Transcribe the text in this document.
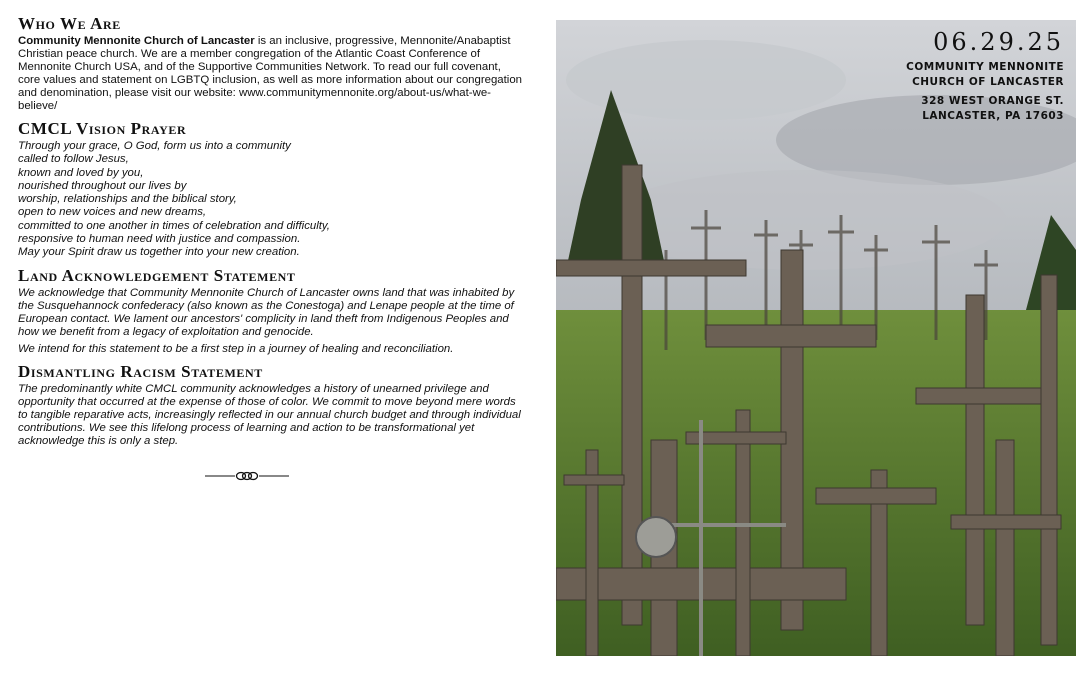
Who We Are

Community Mennonite Church of Lancaster is an inclusive, progressive, Mennonite/Anabaptist Christian peace church. We are a member congregation of the Atlantic Coast Conference of Mennonite Church USA, and of the Supportive Communities Network. To read our full covenant, core values and statement on LGBTQ inclusion, as well as more information about our congregation and denomination, please visit our website: www.communitymennonite.org/about-us/what-we-believe/

CMCL Vision Prayer
Through your grace, O God, form us into a community
called to follow Jesus,
known and loved by you,
nourished throughout our lives by
worship, relationships and the biblical story,
open to new voices and new dreams,
committed to one another in times of celebration and difficulty,
responsive to human need with justice and compassion.
May your Spirit draw us together into your new creation.
Land Acknowledgement Statement

We acknowledge that Community Mennonite Church of Lancaster owns land that was inhabited by the Susquehannock confederacy (also known as the Conestoga) and Lenape people at the time of European contact. We lament our ancestors' complicity in land theft from Indigenous Peoples and how we benefit from a legacy of exploitation and genocide.

We intend for this statement to be a first step in a journey of healing and reconciliation.

Dismantling Racism Statement

The predominantly white CMCL community acknowledges a history of unearned privilege and opportunity that occurred at the expense of those of color. We commit to move beyond mere words to tangible reparative acts, increasingly reflected in our annual church budget and through individual contributions. We see this lifelong process of learning and action to be transformational yet acknowledge this is only a step.

06.29.25
COMMUNITY MENNONITE
CHURCH OF LANCASTER
328 WEST ORANGE ST.
LANCASTER, PA 17603
